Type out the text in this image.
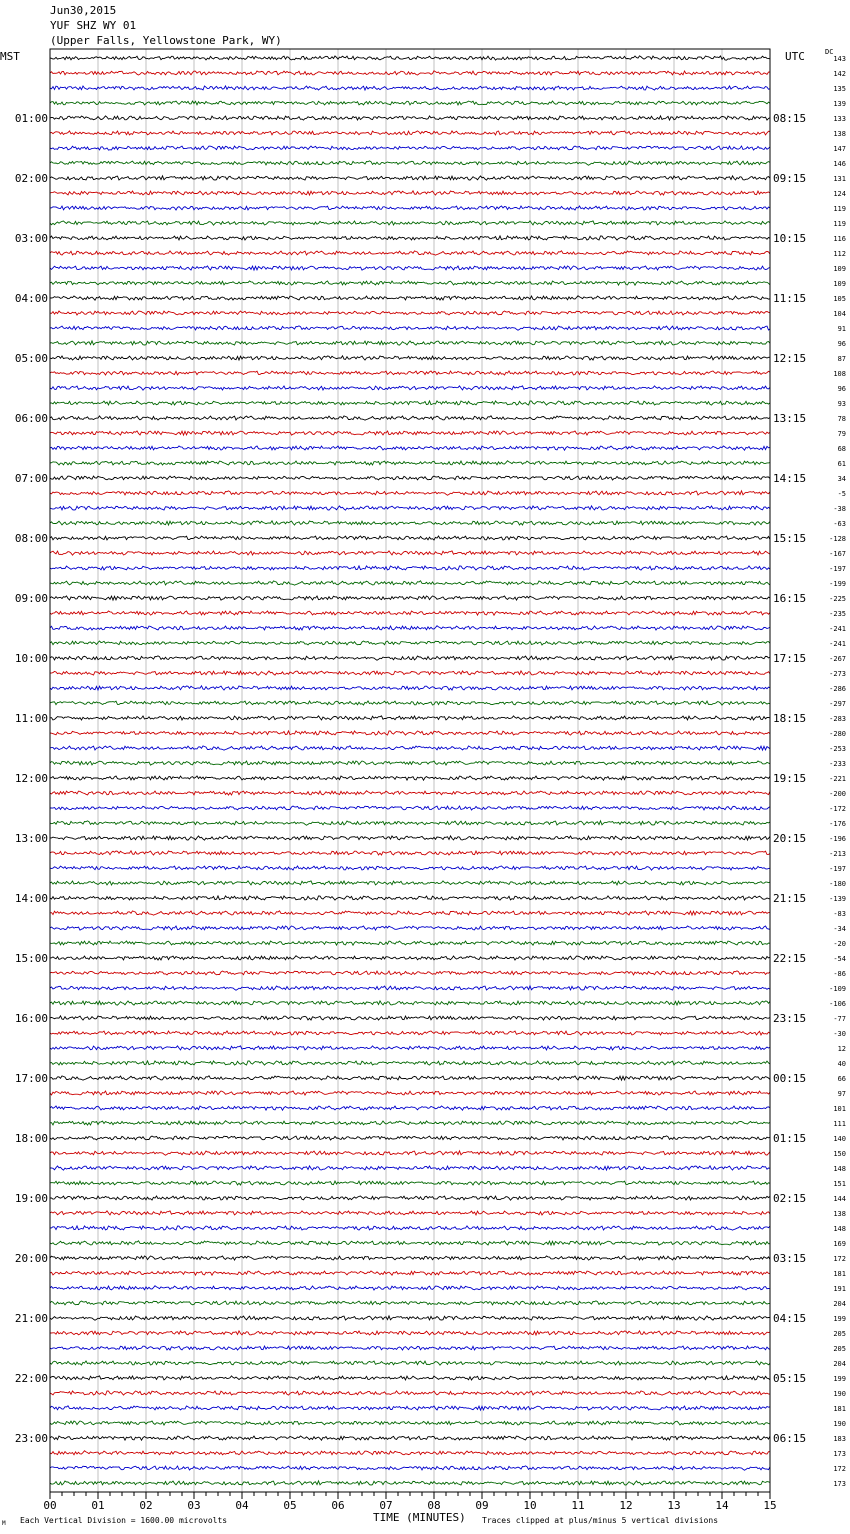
01:00
02:00
03:00
04:00
05:00
06:00
07:00
08:00
09:00
10:00
11:00
12:00
13:00
14:00
15:00
16:00
17:00
18:00
19:00
20:00
21:00
22:00
23:00
08:15
09:15
10:15
11:15
12:15
13:15
14:15
15:15
16:15
17:15
18:15
19:15
20:15
21:15
22:15
23:15
00:15
01:15
02:15
03:15
04:15
05:15
06:15
143
142
135
139
133
138
147
146
131
124
119
119
116
112
109
109
105
104
91
96
87
108
96
93
78
79
68
61
34
-5
-38
-63
-128
-167
-197
-199
-225
-235
-241
-241
-267
-273
-286
-297
-283
-280
-253
-233
-221
-200
-172
-176
-196
-213
-197
-180
-139
-83
-34
-20
-54
-86
-109
-106
-77
-30
12
40
66
97
101
111
140
150
148
151
144
138
148
169
172
181
191
204
199
205
205
204
199
190
181
190
183
173
172
173
00	01	02	03	04	05	06	07	08	09	10	11	12	13	14	15
Jun30,2015
YUF SHZ WY 01
(Upper Falls, Yellowstone Park, WY)
MST	UTC	DC
TIME (MINUTES)
Each Vertical Division = 1600.00 microvolts	Traces clipped at plus/minus 5 vertical divisions
M
